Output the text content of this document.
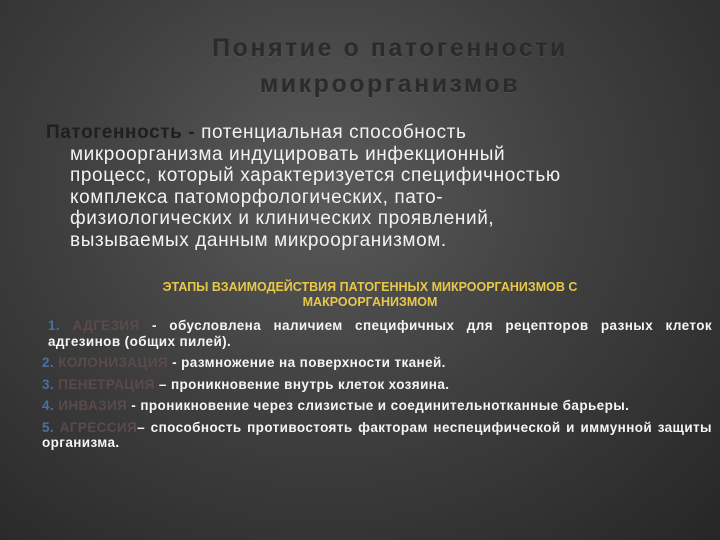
Понятие о патогенности
микроорганизмов
Патогенность - потенциальная способность
микроорганизма индуцировать инфекционный
процесс, который характеризуется специфичностью
комплекса патоморфологических, пато-
физиологических и клинических проявлений,
вызываемых данным микроорганизмом.
ЭТАПЫ ВЗАИМОДЕЙСТВИЯ ПАТОГЕННЫХ МИКРООРГАНИЗМОВ С
МАКРООРГАНИЗМОМ
1. АДГЕЗИЯ - обусловлена наличием специфичных для рецепторов разных клеток адгезинов (общих пилей).
2. КОЛОНИЗАЦИЯ - размножение на поверхности тканей.
3. ПЕНЕТРАЦИЯ – проникновение внутрь клеток хозяина.
4. ИНВАЗИЯ - проникновение через слизистые и соединительнотканные барьеры.
5. АГРЕССИЯ– способность противостоять факторам неспецифической и иммунной защиты организма.
